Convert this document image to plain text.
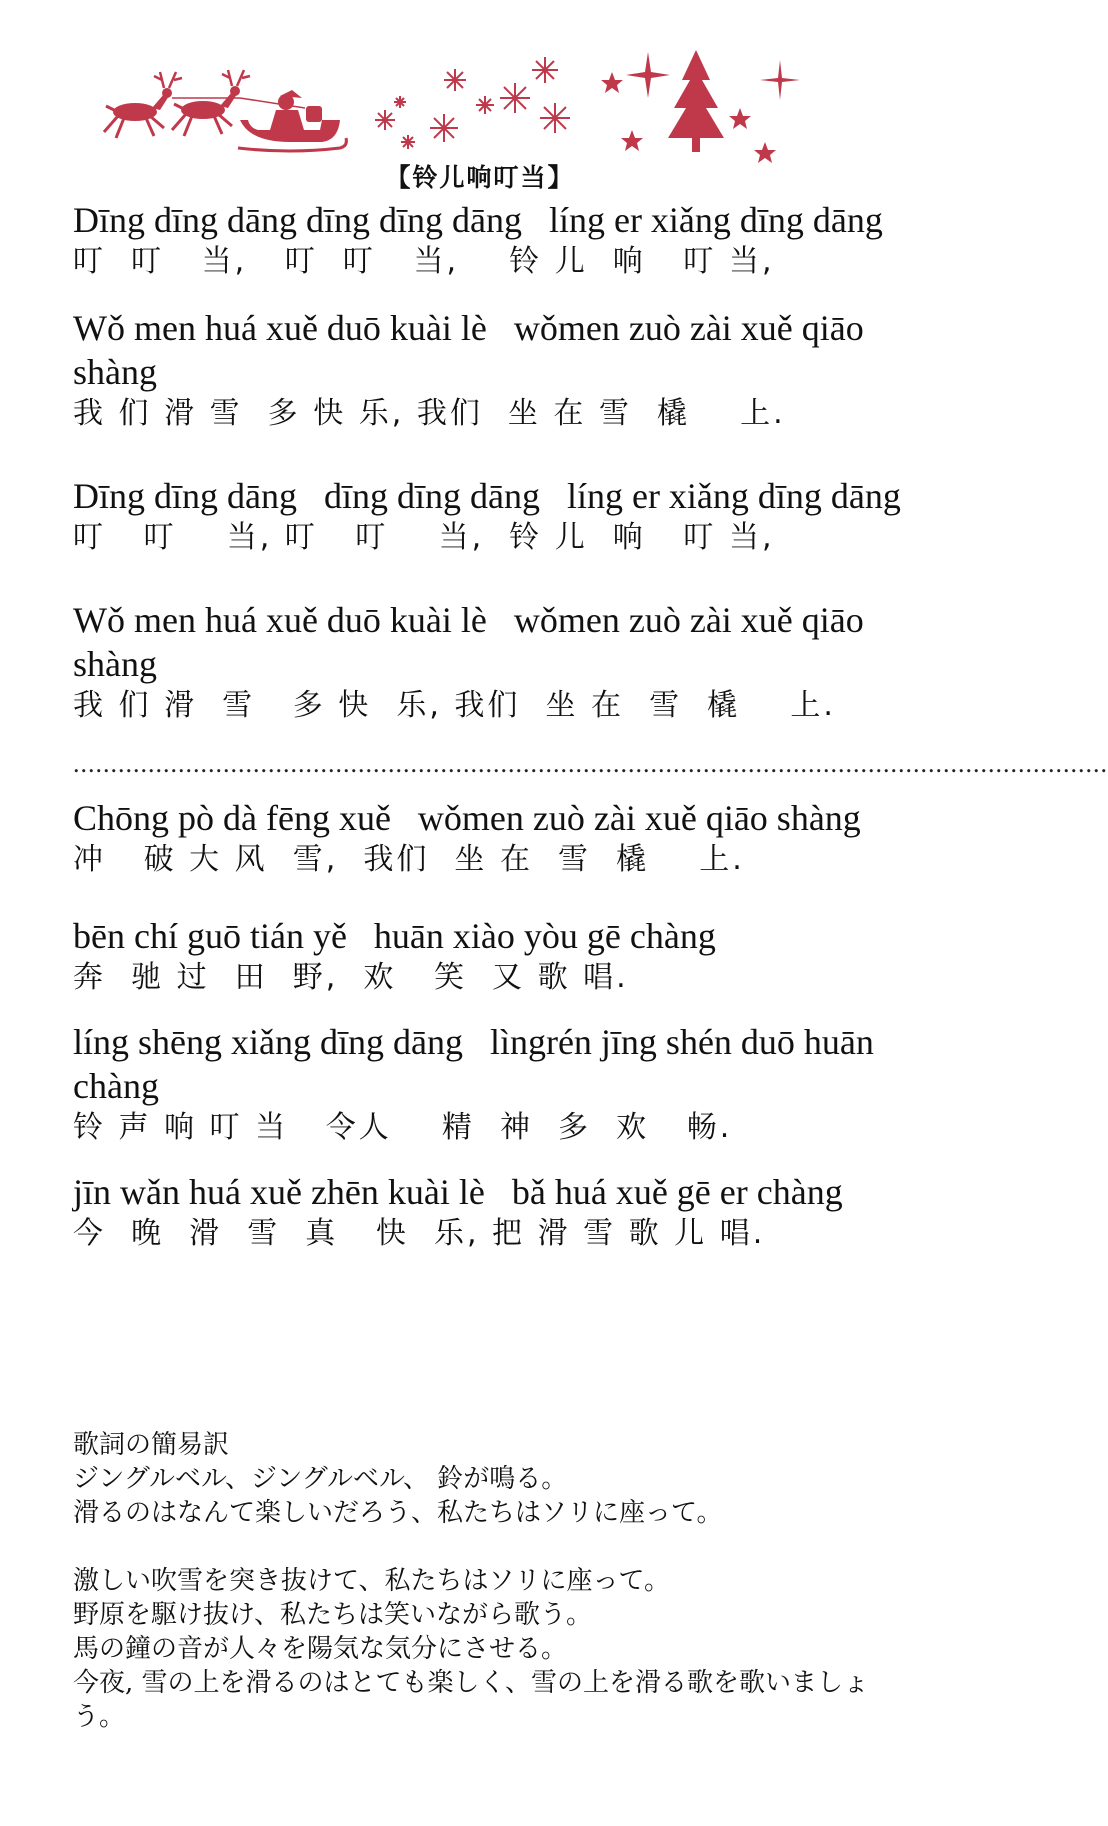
【铃儿响叮当】
Dīng dīng dāng dīng dīng dāng   líng er xiǎng dīng dāng
叮  叮   当,   叮  叮   当,    铃 儿  响   叮 当,
Wǒ men huá xuě duō kuài lè   wǒmen zuò zài xuě qiāo shàng
我 们 滑 雪  多 快 乐, 我们  坐 在 雪  橇    上.
Dīng dīng dāng   dīng dīng dāng   líng er xiǎng dīng dāng
叮   叮    当, 叮   叮    当,  铃 儿  响   叮 当,
Wǒ men huá xuě duō kuài lè   wǒmen zuò zài xuě qiāo shàng
我 们 滑  雪   多 快  乐, 我们  坐 在  雪  橇    上.
..........................................................................................................................................
Chōng pò dà fēng xuě   wǒmen zuò zài xuě qiāo shàng
冲   破 大 风  雪,  我们  坐 在  雪  橇    上.
bēn chí guō tián yě   huān xiào yòu gē chàng
奔  驰 过  田  野,  欢   笑  又 歌 唱.
líng shēng xiǎng dīng dāng   lìngrén jīng shén duō huān chàng
铃 声 响 叮 当   令人    精  神  多  欢   畅.
jīn wǎn huá xuě zhēn kuài lè   bǎ huá xuě gē er chàng
今  晚  滑  雪  真   快  乐, 把 滑 雪 歌 儿 唱.
歌詞の簡易訳
ジングルベル、ジングルベル、 鈴が鳴る。
滑るのはなんて楽しいだろう、私たちはソリに座って。
激しい吹雪を突き抜けて、私たちはソリに座って。
野原を駆け抜け、私たちは笑いながら歌う。
馬の鐘の音が人々を陽気な気分にさせる。
今夜, 雪の上を滑るのはとても楽しく、雪の上を滑る歌を歌いましょう。
